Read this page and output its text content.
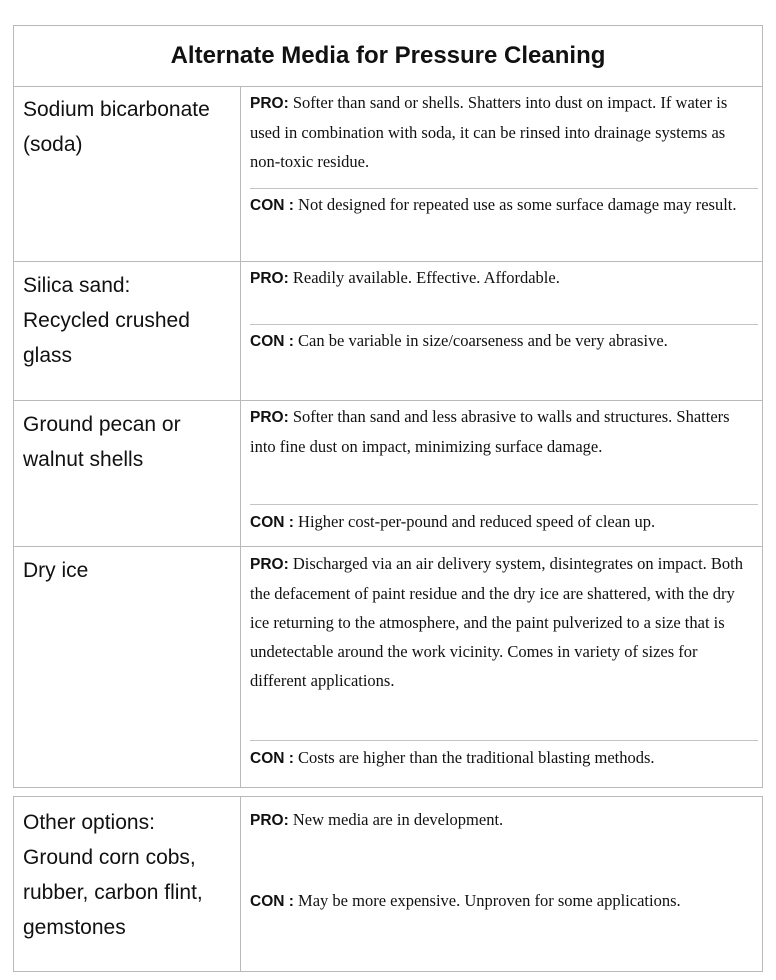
Alternate Media for Pressure Cleaning
Sodium bicarbonate
(soda)
PRO: Softer than sand or shells. Shatters into dust on impact. If water is used in combination with soda, it can be rinsed into drainage systems as non-toxic residue.
CON : Not designed for repeated use as some surface damage may result.
Silica sand:
Recycled crushed
glass
PRO: Readily available. Effective. Affordable.
CON : Can be variable in size/coarseness and be very abrasive.
Ground pecan or
walnut shells
PRO: Softer than sand and less abrasive to walls and structures. Shatters into fine dust on impact, minimizing surface damage.
CON : Higher cost-per-pound and reduced speed of clean up.
Dry ice	PRO: Discharged via an air delivery system, disintegrates on impact. Both the defacement of paint residue and the dry ice are shattered, with the dry ice returning to the atmosphere, and the paint pulverized to a size that is undetectable around the work vicinity. Comes in variety of sizes for different applications.
CON : Costs are higher than the traditional blasting methods.
Other options:
Ground corn cobs,
rubber, carbon flint,
gemstones
PRO: New media are in development.
CON : May be more expensive. Unproven for some applications.
